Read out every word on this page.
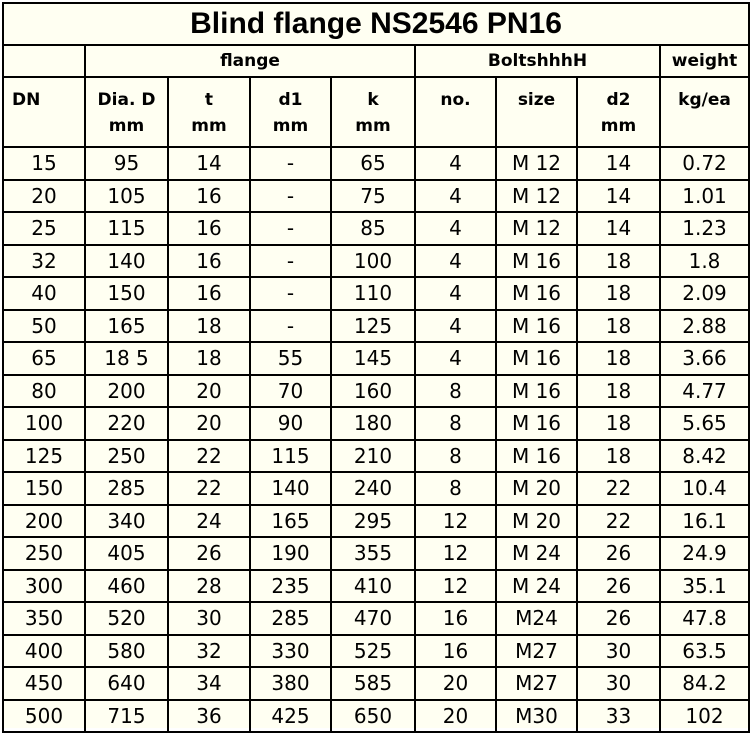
Blind flange NS2546 PN16								
	flange				BoltshhhH			weight
DN	Dia. D	t	d1	k	no.	size	d2	kg/ea
	mm	mm	mm	mm			mm	
15	95	14	-	65	4	M 12	14	0.72
20	105	16	-	75	4	M 12	14	1.01
25	115	16	-	85	4	M 12	14	1.23
32	140	16	-	100	4	M 16	18	1.8
40	150	16	-	110	4	M 16	18	2.09
50	165	18	-	125	4	M 16	18	2.88
65	18 5	18	55	145	4	M 16	18	3.66
80	200	20	70	160	8	M 16	18	4.77
100	220	20	90	180	8	M 16	18	5.65
125	250	22	115	210	8	M 16	18	8.42
150	285	22	140	240	8	M 20	22	10.4
200	340	24	165	295	12	M 20	22	16.1
250	405	26	190	355	12	M 24	26	24.9
300	460	28	235	410	12	M 24	26	35.1
350	520	30	285	470	16	M24	26	47.8
400	580	32	330	525	16	M27	30	63.5
450	640	34	380	585	20	M27	30	84.2
500	715	36	425	650	20	M30	33	102
